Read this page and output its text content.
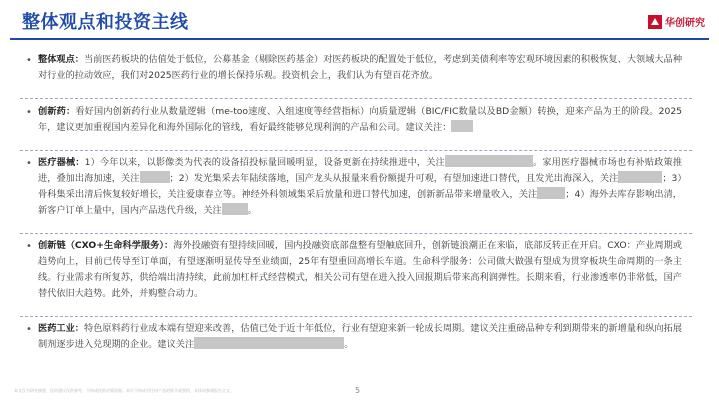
整体观点和投资主线	华创研究
• 整体观点：当前医药板块的估值处于低位，公募基金（剔除医药基金）对医药板块的配置处于低位，考虑到美债利率等宏观环境因素的积极恢复、大领域大品种对行业的拉动效应，我们对2025医药行业的增长保持乐观。投资机会上，我们认为有望百花齐放。

• 创新药：看好国内创新药行业从数量逻辑（me-too速度、入组速度等经营指标）向质量逻辑（BIC/FIC数量以及BD金额）转换，迎来产品为王的阶段。2025年，建议更加重视国内差异化和海外国际化的管线，看好最终能够兑现利润的产品和公司。建议关注：

• 医疗器械：1）今年以来，以影像类为代表的设备招投标量回暖明显，设备更新在持续推进中，关注	。家用医疗器械市场也有补贴政策推进，叠加出海加速，关注	；2）发光集采去年陆续落地，国产龙头从报量来看份额提升可观，有望加速进口替代，且发光出海深入，关注	；3）骨科集采出清后恢复较好增长，关注爱康春立等。神经外科领域集采后放量和进口替代加速，创新新品带来增量收入，关注	；4）海外去库存影响出清，新客户订单上量中，国内产品迭代升级，关注	。

• 创新链（CXO+生命科学服务）：海外投融资有望持续回暖，国内投融资底部盘整有望触底回升，创新链浪潮正在来临，底部反转正在开启。CXO：产业周期或趋势向上，目前已传导至订单面，有望逐渐明显传导至业绩面，25年有望重回高增长车道。生命科学服务：公司做大做强有望成为贯穿板块生命周期的一条主线。行业需求有所复苏，供给端出清持续，此前加杠杆式经营模式，相关公司有望在进入投入回报期后带来高利润弹性。长期来看，行业渗透率仍非常低，国产替代依旧大趋势。此外，并购整合动力。

• 医药工业：特色原料药行业成本端有望迎来改善，估值已处于近十年低位，行业有望迎来新一轮成长周期。建议关注重磅品种专利到期带来的新增量和纵向拓展制剂逐步进入兑现期的企业。建议关注	。

本文仅为研究摘要，投资建议仅供参考，不构成投资决策依据。本页不构成对任何产品的推介或要约，具体请参阅报告全文。	5
